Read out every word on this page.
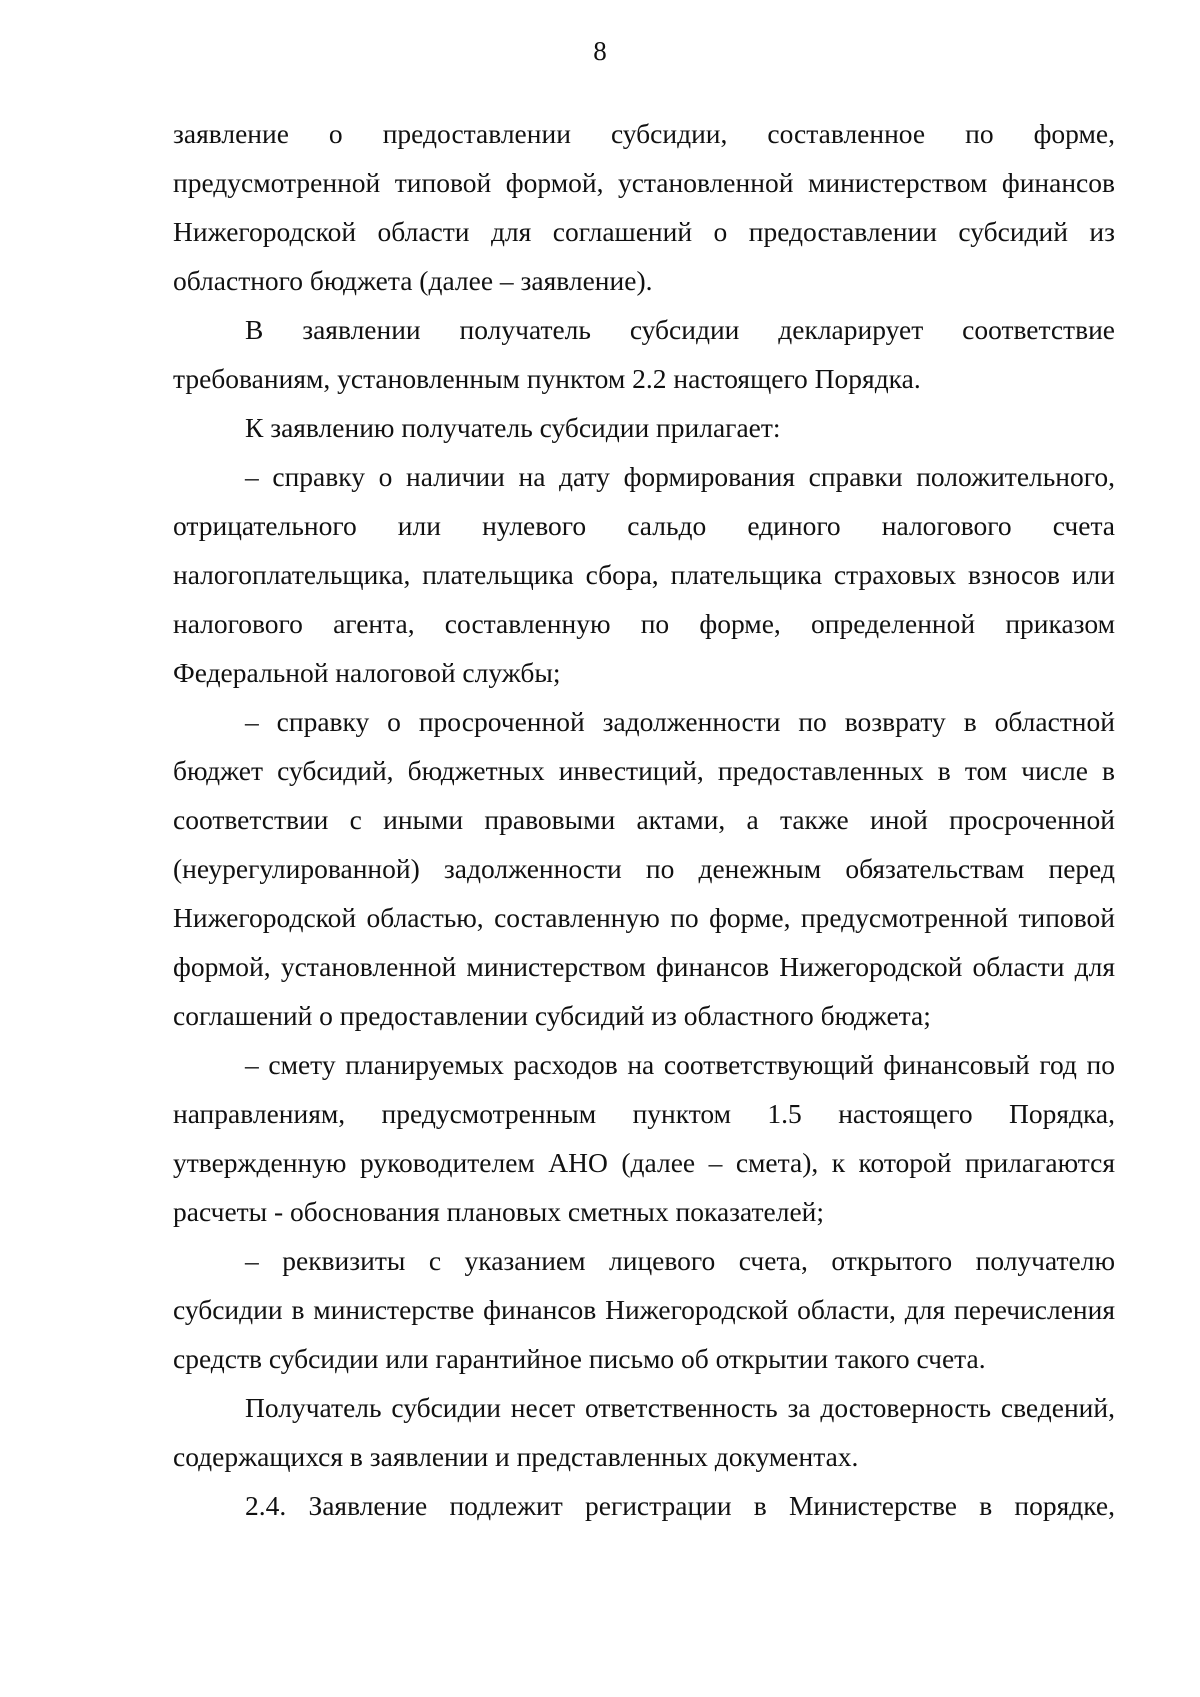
8

заявление о предоставлении субсидии, составленное по форме, предусмотренной типовой формой, установленной министерством финансов Нижегородской области для соглашений о предоставлении субсидий из областного бюджета (далее – заявление).

В заявлении получатель субсидии декларирует соответствие требованиям, установленным пунктом 2.2 настоящего Порядка.

К заявлению получатель субсидии прилагает:

– справку о наличии на дату формирования справки положительного, отрицательного или нулевого сальдо единого налогового счета налогоплательщика, плательщика сбора, плательщика страховых взносов или налогового агента, составленную по форме, определенной приказом Федеральной налоговой службы;

– справку о просроченной задолженности по возврату в областной бюджет субсидий, бюджетных инвестиций, предоставленных в том числе в соответствии с иными правовыми актами, а также иной просроченной (неурегулированной) задолженности по денежным обязательствам перед Нижегородской областью, составленную по форме, предусмотренной типовой формой, установленной министерством финансов Нижегородской области для соглашений о предоставлении субсидий из областного бюджета;

– смету планируемых расходов на соответствующий финансовый год по направлениям, предусмотренным пунктом 1.5 настоящего Порядка, утвержденную руководителем АНО (далее – смета), к которой прилагаются расчеты - обоснования плановых сметных показателей;

– реквизиты с указанием лицевого счета, открытого получателю субсидии в министерстве финансов Нижегородской области, для перечисления средств субсидии или гарантийное письмо об открытии такого счета.

Получатель субсидии несет ответственность за достоверность сведений, содержащихся в заявлении и представленных документах.

2.4. Заявление подлежит регистрации в Министерстве в порядке,
